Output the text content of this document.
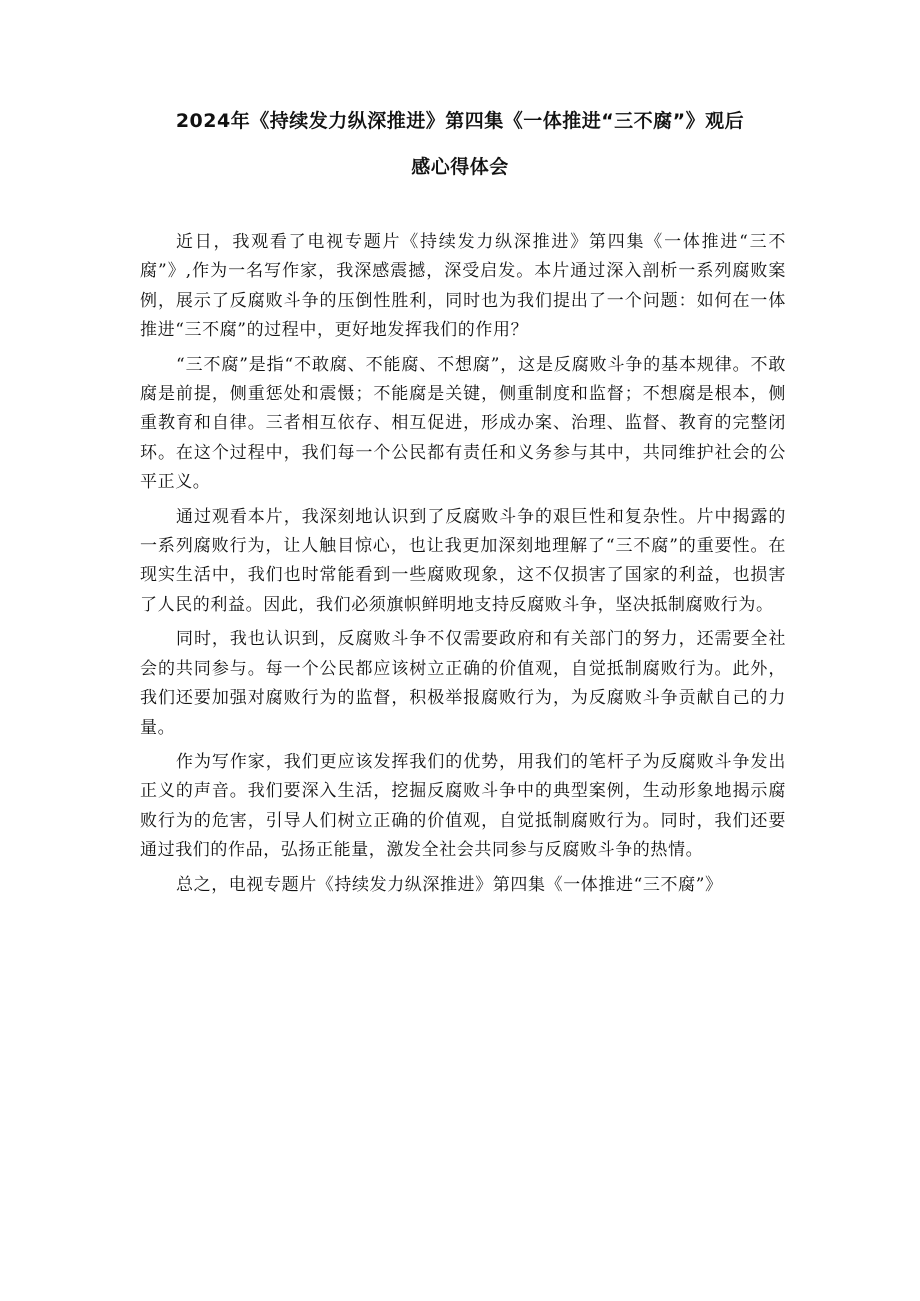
2024年《持续发力纵深推进》第四集《一体推进“三不腐”》观后
感心得体会

近日，我观看了电视专题片《持续发力纵深推进》第四集《一体推进“三不腐”》,作为一名写作家，我深感震撼，深受启发。本片通过深入剖析一系列腐败案例，展示了反腐败斗争的压倒性胜利，同时也为我们提出了一个问题：如何在一体推进“三不腐”的过程中，更好地发挥我们的作用？

“三不腐”是指“不敢腐、不能腐、不想腐”，这是反腐败斗争的基本规律。不敢腐是前提，侧重惩处和震慑；不能腐是关键，侧重制度和监督；不想腐是根本，侧重教育和自律。三者相互依存、相互促进，形成办案、治理、监督、教育的完整闭环。在这个过程中，我们每一个公民都有责任和义务参与其中，共同维护社会的公平正义。

通过观看本片，我深刻地认识到了反腐败斗争的艰巨性和复杂性。片中揭露的一系列腐败行为，让人触目惊心，也让我更加深刻地理解了“三不腐”的重要性。在现实生活中，我们也时常能看到一些腐败现象，这不仅损害了国家的利益，也损害了人民的利益。因此，我们必须旗帜鲜明地支持反腐败斗争，坚决抵制腐败行为。

同时，我也认识到，反腐败斗争不仅需要政府和有关部门的努力，还需要全社会的共同参与。每一个公民都应该树立正确的价值观，自觉抵制腐败行为。此外，我们还要加强对腐败行为的监督，积极举报腐败行为，为反腐败斗争贡献自己的力量。

作为写作家，我们更应该发挥我们的优势，用我们的笔杆子为反腐败斗争发出正义的声音。我们要深入生活，挖掘反腐败斗争中的典型案例，生动形象地揭示腐败行为的危害，引导人们树立正确的价值观，自觉抵制腐败行为。同时，我们还要通过我们的作品，弘扬正能量，激发全社会共同参与反腐败斗争的热情。

总之，电视专题片《持续发力纵深推进》第四集《一体推进“三不腐”》
